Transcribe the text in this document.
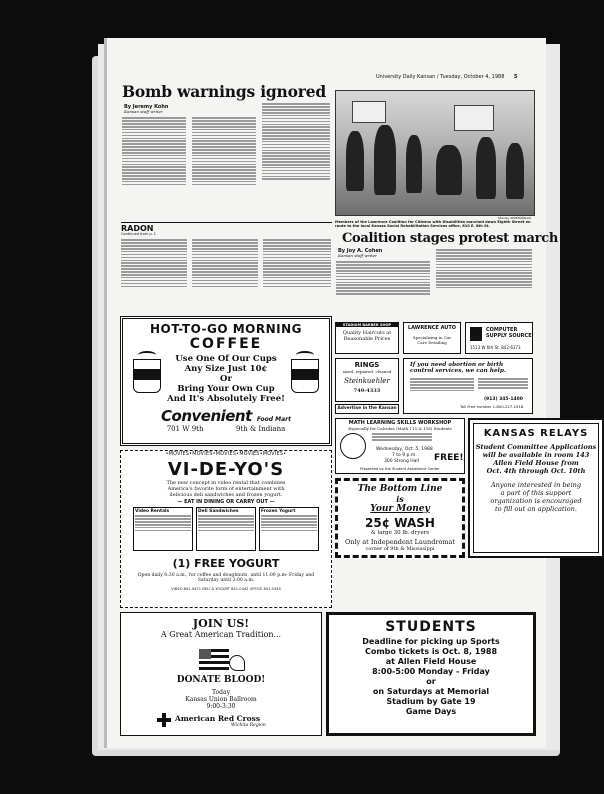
University Daily Kansan / Tuesday, October 4, 1988 5
Bomb warnings ignored
By Jeremy Kohn
Kansan staff writer
Stanley Staff/KANSAN
Members of the Lawrence Coalition for Citizens with Disabilities marched down Eighth Street en route to the local Kansas Social Rehabilitation Services office, 610 E. 8th St.
Coalition stages protest march
By Joy A. Cohen
Kansan staff writer
RADON
Continued from p. 1
HOT-TO-GO MORNING
COFFEE
Use One Of Our Cups
Any Size Just 10¢
Or
Bring Your Own Cup
And It's Absolutely Free!
Convenient Food Mart
701 W 9th	9th & Indiana
STADIUM BARBER SHOP
Quality Haircuts at
Reasonable Prices
LAWRENCE AUTO
Specializing in Car
Care Detailing
COMPUTER
SUPPLY SOURCE
1513 W 6th St. 842-6373
RINGS
sized, repaired, cleaned
Steinkuehler
749-4333
Advertise in the Kansan
If you need abortion or birth
control services, we can help.
(913) 345-1400
Toll Free number 1-800-227-1918
•MOVIES•MOVIES•MOVIES•MOVIES•MOVIES•
VI-DE-YO'S
The new concept in video rental that combines
America's favorite form of entertainment with
delicious deli sandwiches and frozen yogurt.
— EAT IN DINING OR CARRY OUT —
Video Rentals	Deli Sandwiches	Frozen Yogurt
(1) FREE YOGURT
Open daily 6:30 a.m., for coffee and doughnuts, until 11:00 p.m- Friday and Saturday until 3:00 a.m.
VIDEO 841-0471 DELI & YOGURT 841-0442 OFFICE 841-0344
MATH LEARNING SKILLS WORKSHOP
Especially for Calculus (Math 115 & 116) Students
Wednesday, Oct. 5, 1988
7 to 9 p.m.
300 Strong Hall FREE!
Presented by the Student Assistance Center
The Bottom Line
is
Your Money
25¢ WASH
& large 30 lb. dryers
Only at Independent Laundromat
corner of 9th & Mississippi
KANSAS RELAYS
Student Committee Applications
will be available in room 143
Allen Field House from
Oct. 4th through Oct. 10th
Anyone interested in being
a part of this support
organization is encouraged
to fill out an application.
JOIN US!
A Great American Tradition...
DONATE BLOOD!
Today
Kansas Union Ballroom
9:00-3:30
American Red Cross
Wichita Region
STUDENTS
Deadline for picking up Sports
Combo tickets is Oct. 8, 1988
at Allen Field House
8:00-5:00 Monday - Friday
or
on Saturdays at Memorial
Stadium by Gate 19
Game Days
